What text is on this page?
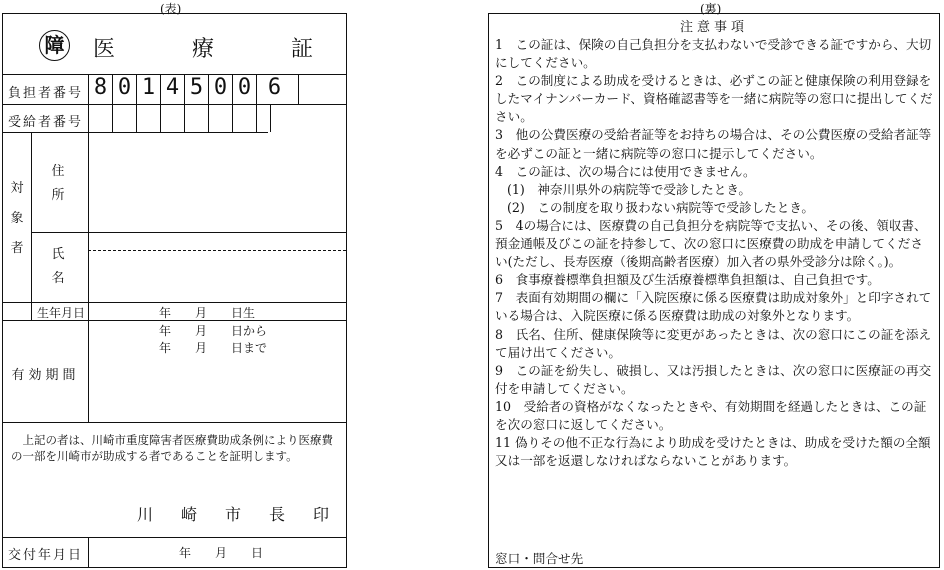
(表)	(裏)
障 医	療	証
負担者番号 8 0 1 4 5 0 0 6
受給者番号
対
象
者
住
所
氏
名
生年月日	年　　月　　日生
年　　月　　日から
年　　月　　日まで
有効期間
上記の者は、川崎市重度障害者医療費助成条例により医療費の一部を川崎市が助成する者であることを証明します。
川 崎 市 長 印
交付年月日	年　　月　　日
注意事項

1　この証は、保険の自己負担分を支払わないで受診できる証ですから、大切にしてください。

2　この制度による助成を受けるときは、必ずこの証と健康保険の利用登録をしたマイナンバーカード、資格確認書等を一緒に病院等の窓口に提出してください。

3　他の公費医療の受給者証等をお持ちの場合は、その公費医療の受給者証等を必ずこの証と一緒に病院等の窓口に提示してください。

4　この証は、次の場合には使用できません。

(1)　神奈川県外の病院等で受診したとき。

(2)　この制度を取り扱わない病院等で受診したとき。

5　4の場合には、医療費の自己負担分を病院等で支払い、その後、領収書、預金通帳及びこの証を持参して、次の窓口に医療費の助成を申請してください(ただし、長寿医療（後期高齢者医療）加入者の県外受診分は除く。)。

6　食事療養標準負担額及び生活療養標準負担額は、自己負担です。

7　表面有効期間の欄に「入院医療に係る医療費は助成対象外」と印字されている場合は、入院医療に係る医療費は助成の対象外となります。

8　氏名、住所、健康保険等に変更があったときは、次の窓口にこの証を添えて届け出てください。

9　この証を紛失し、破損し、又は汚損したときは、次の窓口に医療証の再交付を申請してください。

10　受給者の資格がなくなったときや、有効期間を経過したときは、この証を次の窓口に返してください。

11 偽りその他不正な行為により助成を受けたときは、助成を受けた額の全額又は一部を返還しなければならないことがあります。

窓口・問合せ先
